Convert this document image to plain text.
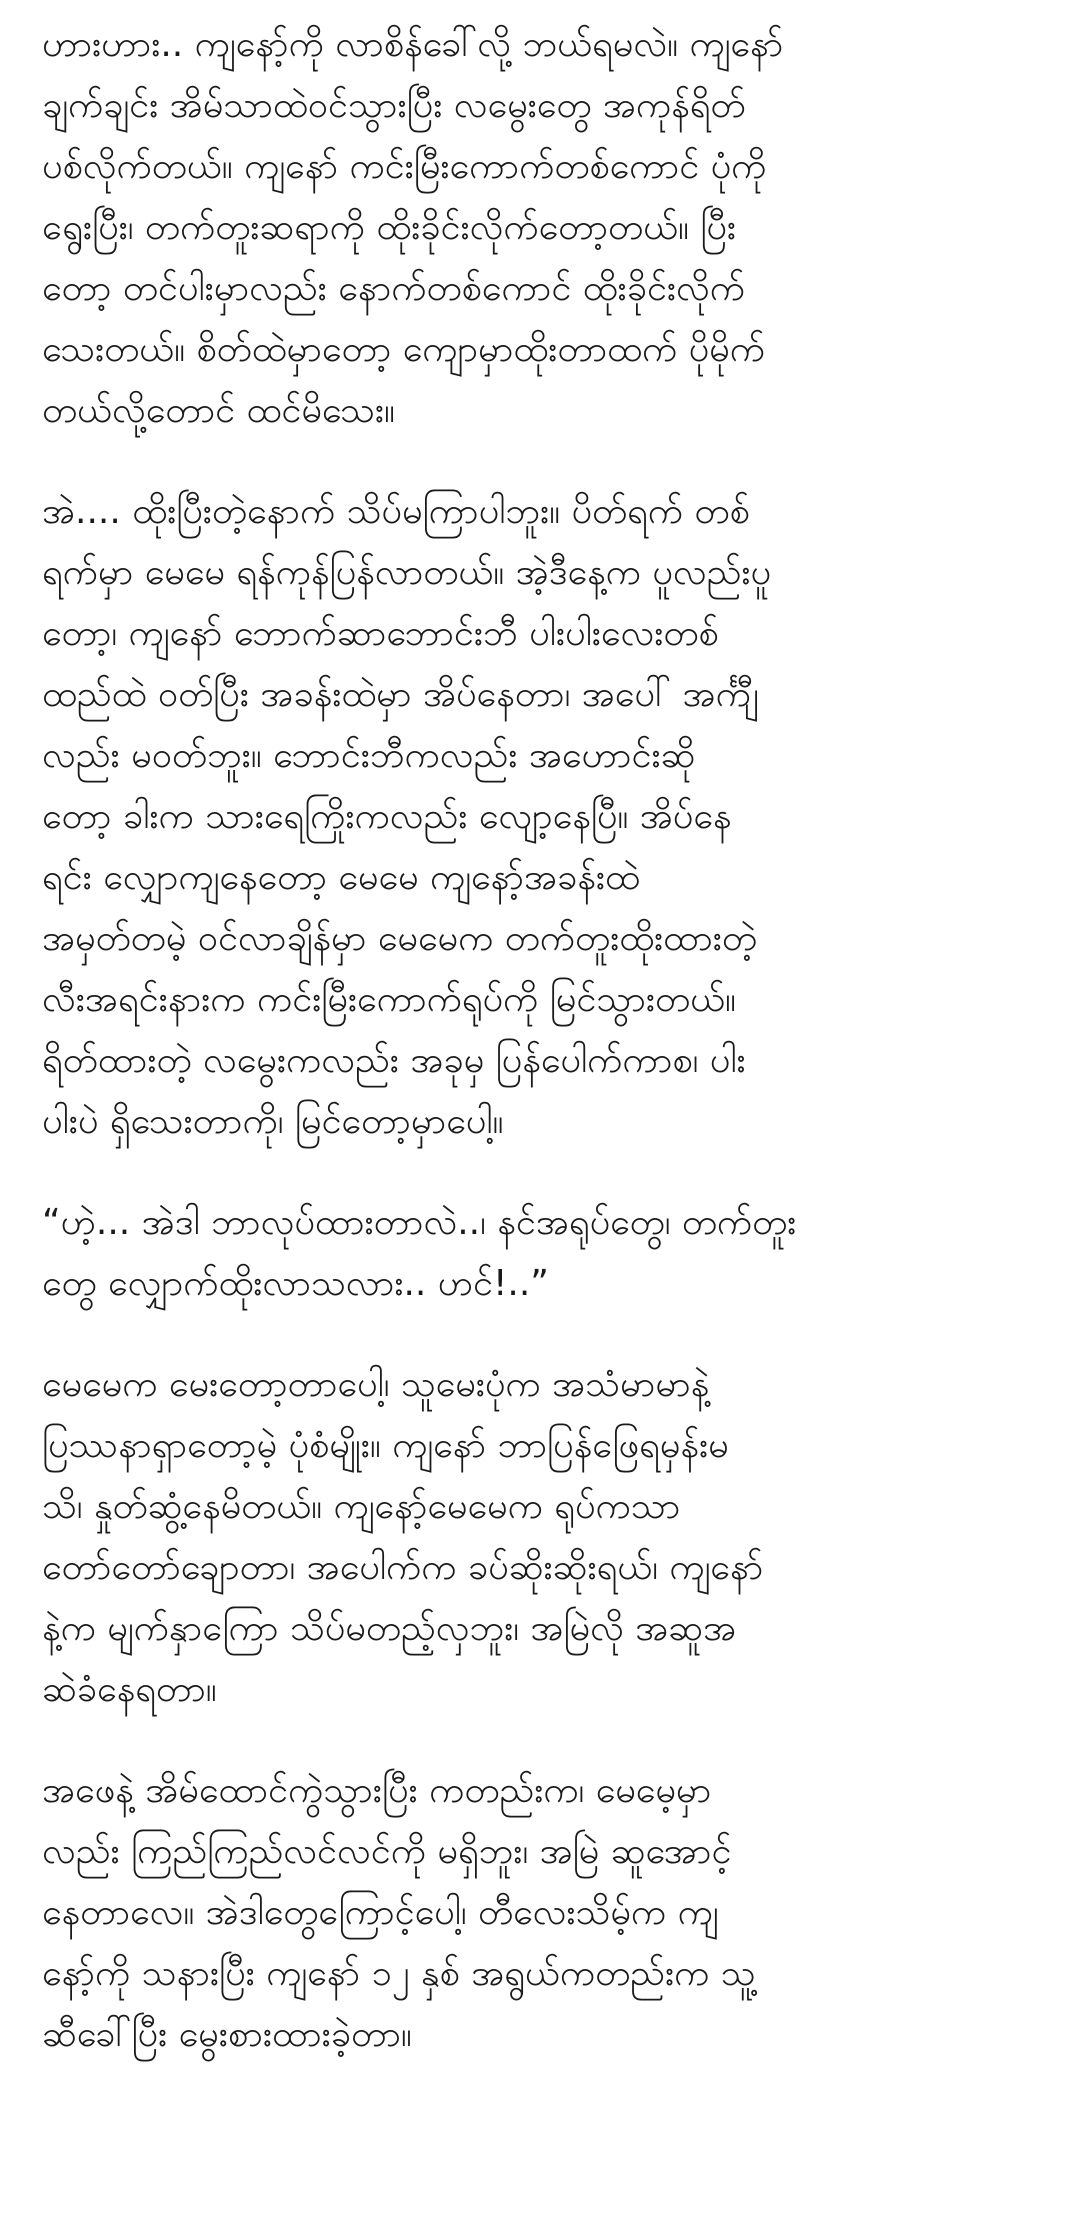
ဟားဟား.. ကျနော့်ကို လာစိန်ခေါ်လို့ ဘယ်ရမလဲ။ ကျနော်
ချက်ချင်း အိမ်သာထဲဝင်သွားပြီး လမွေးတွေ အကုန်ရိတ်
ပစ်လိုက်တယ်။ ကျနော် ကင်းမြီးကောက်တစ်ကောင် ပုံကို
ရွေးပြီး၊ တက်တူးဆရာကို ထိုးခိုင်းလိုက်တော့တယ်။ ပြီး
တော့ တင်ပါးမှာလည်း နောက်တစ်ကောင် ထိုးခိုင်းလိုက်
သေးတယ်။ စိတ်ထဲမှာတော့ ကျောမှာထိုးတာထက် ပိုမိုက်
တယ်လို့တောင် ထင်မိသေး။

အဲ.... ထိုးပြီးတဲ့နောက် သိပ်မကြာပါဘူး။ ပိတ်ရက် တစ်
ရက်မှာ မေမေ ရန်ကုန်ပြန်လာတယ်။ အဲ့ဒီနေ့က ပူလည်းပူ
တော့၊ ကျနော် ဘောက်ဆာဘောင်းဘီ ပါးပါးလေးတစ်
ထည်ထဲ ဝတ်ပြီး အခန်းထဲမှာ အိပ်နေတာ၊ အပေါ် အင်္ကျီ
လည်း မဝတ်ဘူး။ ဘောင်းဘီကလည်း အဟောင်းဆို
တော့ ခါးက သားရေကြိုးကလည်း လျော့နေပြီ။ အိပ်နေ
ရင်း လျှောကျနေတော့ မေမေ ကျနော့်အခန်းထဲ
အမှတ်တမဲ့ ဝင်လာချိန်မှာ မေမေက တက်တူးထိုးထားတဲ့
လီးအရင်းနားက ကင်းမြီးကောက်ရုပ်ကို မြင်သွားတယ်။
ရိတ်ထားတဲ့ လမွေးကလည်း အခုမှ ပြန်ပေါက်ကာစ၊ ပါး
ပါးပဲ ရှိသေးတာကို၊ မြင်တော့မှာပေါ့။

“ဟဲ့... အဲဒါ ဘာလုပ်ထားတာလဲ..၊ နင်အရုပ်တွေ၊ တက်တူး
တွေ လျှောက်ထိုးလာသလား.. ဟင်!..”

မေမေက မေးတော့တာပေါ့၊ သူမေးပုံက အသံမာမာနဲ့
ပြဿနာရှာတော့မဲ့ ပုံစံမျိုး။ ကျနော် ဘာပြန်ဖြေရမှန်းမ
သိ၊ နှုတ်ဆွံ့နေမိတယ်။ ကျနော့်မေမေက ရုပ်ကသာ
တော်တော်ချောတာ၊ အပေါက်က ခပ်ဆိုးဆိုးရယ်၊ ကျနော်
နဲ့က မျက်နှာကြော သိပ်မတည့်လှဘူး၊ အမြဲလို အဆူအ
ဆဲခံနေရတာ။

အဖေနဲ့ အိမ်ထောင်ကွဲသွားပြီး ကတည်းက၊ မေမေ့မှာ
လည်း ကြည်ကြည်လင်လင်ကို မရှိဘူး၊ အမြဲ ဆူအောင့်
နေတာလေ။ အဲဒါတွေကြောင့်ပေါ့၊ တီလေးသိမ့်က ကျ
နော့်ကို သနားပြီး ကျနော် ၁၂ နှစ် အရွယ်ကတည်းက သူ့
ဆီခေါ်ပြီး မွေးစားထားခဲ့တာ။
